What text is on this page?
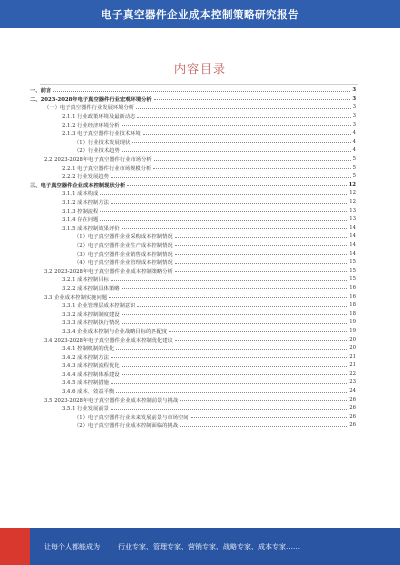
电子真空器件企业成本控制策略研究报告
内容目录
一、前言	3
二、2023-2028年电子真空器件行业宏观环境分析	3
（一）电子真空器件行业发展环境分析	3
2.1.1 行业政策环境及最新动态	3
2.1.2 行业经济环境分析	3
2.1.3 电子真空器件行业技术环境	4
（1）行业技术发展现状	4
（2）行业技术趋势	4
2.2 2023-2028年电子真空器件行业市场分析	5
2.2.1 电子真空器件行业市场规模分析	5
2.2.2 行业发展趋势	5
三、电子真空器件企业成本控制现状分析	12
3.1.1 成本构成	12
3.1.2 成本控制方法	12
3.1.3 控制流程	13
3.1.4 存在问题	13
3.1.5 成本控制效果评价	14
（1）电子真空器件企业采购成本控制情况	14
（2）电子真空器件企业生产成本控制情况	14
（3）电子真空器件企业销售成本控制情况	14
（4）电子真空器件企业管理成本控制情况	15
3.2 2023-2028年电子真空器件企业成本控制策略分析	15
3.2.1 成本控制目标	15
3.2.2 成本控制具体策略	16
3.3 企业成本控制实施问题	16
3.3.1 企业管理层成本控制意识	18
3.3.2 成本控制制度建设	18
3.3.3 成本控制执行情况	19
3.3.4 企业成本控制与企业战略目标的匹配度	19
3.4 2023-2028年电子真空器件企业成本控制优化建议	20
3.4.1 控制机制的优化	20
3.4.2 成本控制方法	21
3.4.3 成本控制流程优化	21
3.4.4 成本控制体系建设	22
3.4.5 成本控制措施	23
3.4.6 成本、效益平衡	24
3.5 2023-2028年电子真空器件企业成本控制前景与挑战	26
3.5.1 行业发展前景	26
（1）电子真空器件行业未来发展前景与市场空间	26
（2）电子真空器件行业成本控制面临的挑战	26
让每个人都能成为	行业专家、管理专家、营销专家、战略专家、成本专家……
